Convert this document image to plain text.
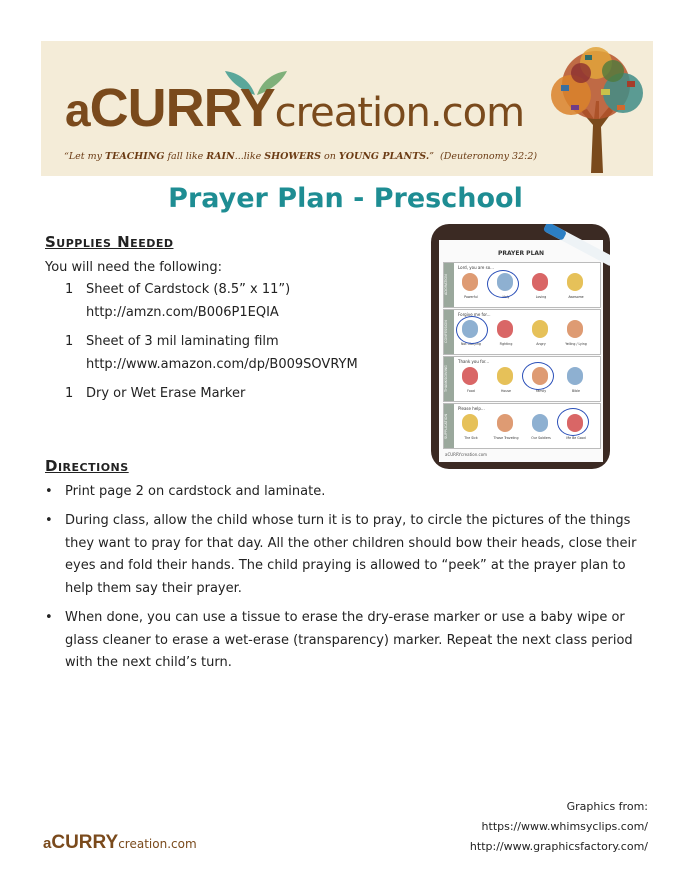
aCURRYcreation.com
“Let my TEACHING fall like RAIN...like SHOWERS on YOUNG PLANTS.” (Deuteronomy 32:2)
Prayer Plan - Preschool
Supplies Needed
You will need the following:
1 Sheet of Cardstock (8.5” x 11”)
http://amzn.com/B006P1EQIA
1 Sheet of 3 mil laminating film
http://www.amazon.com/dp/B009SOVRYM
1 Dry or Wet Erase Marker
PRAYER PLAN
ADORATION
Lord, you are so...
Powerful	Holy	Loving	Awesome
CONFESSION
Forgive me for...
Not Obeying	Fighting	Angry	Yelling / Lying
THANKSGIVING
Thank you for...
Food	House	Family	Bible
SUPPLICATION
Please help...
The Sick	Those Traveling	Our Soldiers	Me Be Good
aCURRYcreation.com
Directions
• Print page 2 on cardstock and laminate.
• During class, allow the child whose turn it is to pray, to circle the pictures of the things they want to pray for that day. All the other children should bow their heads, close their eyes and fold their hands. The child praying is allowed to “peek” at the prayer plan to help them say their prayer.
• When done, you can use a tissue to erase the dry-erase marker or use a baby wipe or glass cleaner to erase a wet-erase (transparency) marker. Repeat the next class period with the next child’s turn.
Graphics from:
https://www.whimsyclips.com/
http://www.graphicsfactory.com/
aCURRYcreation.com
